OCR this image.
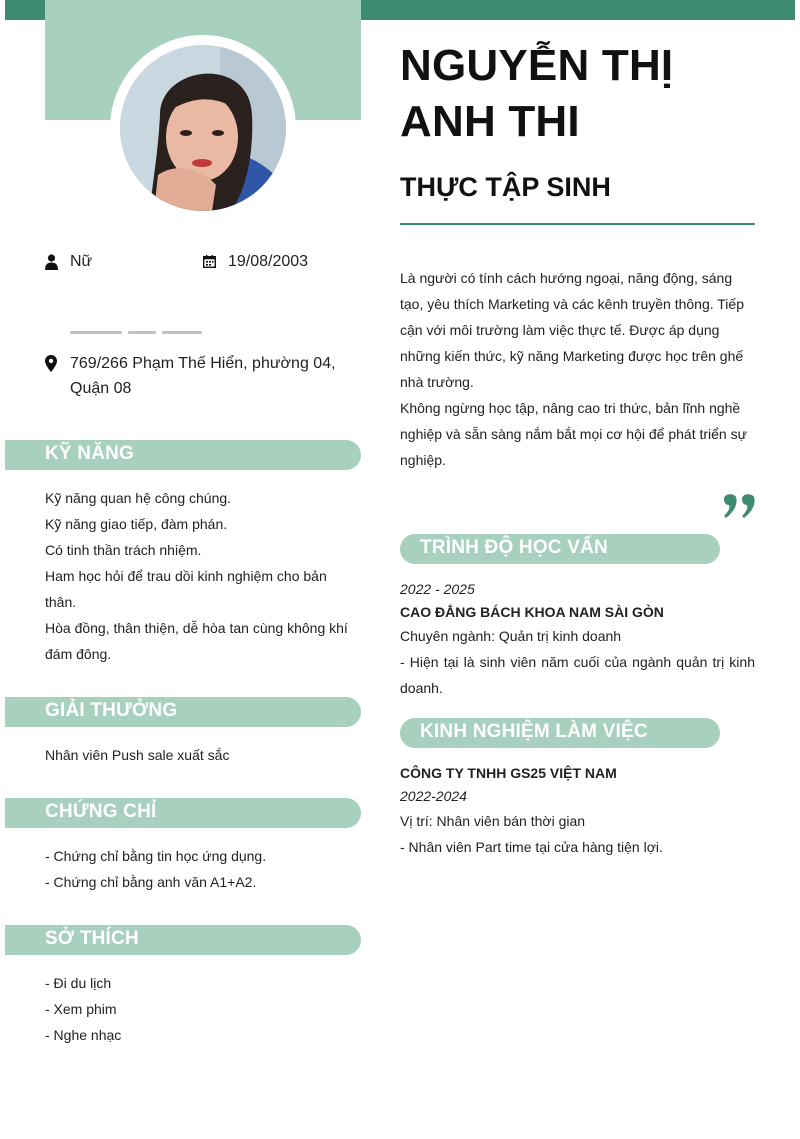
NGUYỄN THỊ ANH THI
THỰC TẬP SINH
Nữ	19/08/2003
769/266 Phạm Thế Hiển, phường 04, Quận 08
KỸ NĂNG
Kỹ năng quan hệ công chúng.
Kỹ năng giao tiếp, đàm phán.
Có tinh thần trách nhiệm.
Ham học hỏi để trau dồi kinh nghiệm cho bản thân.
Hòa đồng, thân thiện, dễ hòa tan cùng không khí đám đông.
GIẢI THƯỞNG
Nhân viên Push sale xuất sắc
CHỨNG CHỈ
- Chứng chỉ bằng tin học ứng dụng.
- Chứng chỉ bằng anh văn A1+A2.
SỞ THÍCH
- Đi du lịch
- Xem phim
- Nghe nhạc
Là người có tính cách hướng ngoại, năng động, sáng tạo, yêu thích Marketing và các kênh truyền thông. Tiếp cận với môi trường làm việc thực tế. Được áp dụng những kiến thức, kỹ năng Marketing được học trên ghế nhà trường.
Không ngừng học tập, nâng cao tri thức, bản lĩnh nghề nghiệp và sẵn sàng nắm bắt mọi cơ hội để phát triển sự nghiệp.
TRÌNH ĐỘ HỌC VẤN
2022 - 2025
CAO ĐẲNG BÁCH KHOA NAM SÀI GÒN
Chuyên ngành: Quản trị kinh doanh
- Hiện tại là sinh viên năm cuối của ngành quản trị kinh doanh.
KINH NGHIỆM LÀM VIỆC
CÔNG TY TNHH GS25 VIỆT NAM
2022-2024
Vị trí: Nhân viên bán thời gian
- Nhân viên Part time tại cửa hàng tiện lợi.
